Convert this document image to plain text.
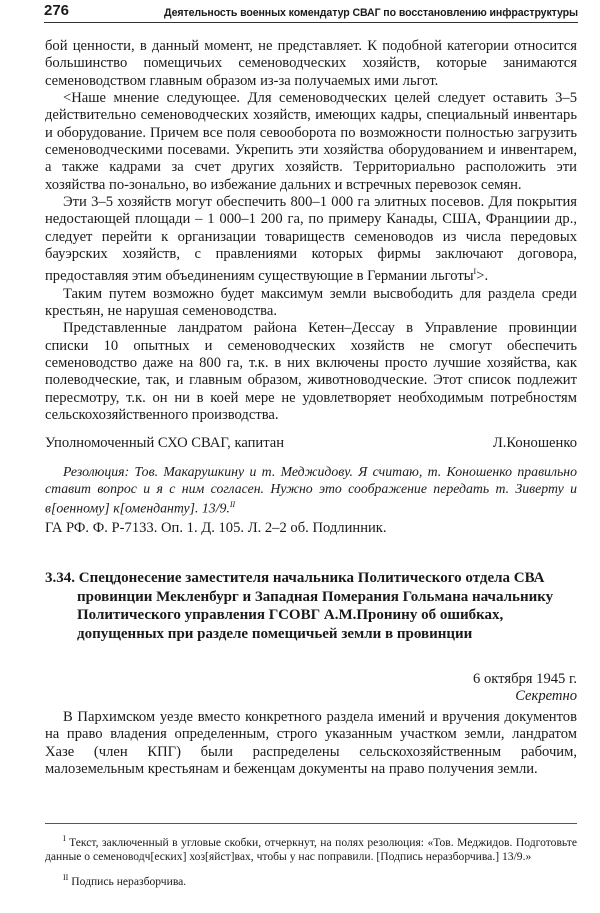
276	Деятельность военных комендатур СВАГ по восстановлению инфраструктуры

бой ценности, в данный момент, не представляет. К подобной категории относится большинство помещичьих семеноводческих хозяйств, которые занимаются семеноводством главным образом из-за получаемых ими льгот.

<Наше мнение следующее. Для семеноводческих целей следует оставить 3–5 действительно семеноводческих хозяйств, имеющих кадры, специальный инвентарь и оборудование. Причем все поля севооборота по возможности полностью загрузить семеноводческими посевами. Укрепить эти хозяйства оборудованием и инвентарем, а также кадрами за счет других хозяйств. Территориально расположить эти хозяйства по-зонально, во избежание дальних и встречных перевозок семян.

Эти 3–5 хозяйств могут обеспечить 800–1 000 га элитных посевов. Для покрытия недостающей площади – 1 000–1 200 га, по примеру Канады, США, Франциии др., следует перейти к организации товариществ семеноводов из числа передовых бауэрских хозяйств, с правлениями которых фирмы заключают договора, предоставляя этим объединениям существующие в Германии льготы$^I$>.

Таким путем возможно будет максимум земли высвободить для раздела среди крестьян, не нарушая семеноводства.

Представленные ландратом района Кетен–Дессау в Управление провинции списки 10 опытных и семеноводческих хозяйств не смогут обеспечить семеноводство даже на 800 га, т.к. в них включены просто лучшие хозяйства, как полеводческие, так, и главным образом, животноводческие. Этот список подлежит пересмотру, т.к. он ни в коей мере не удовлетворяет необходимым потребностям сельскохозяйственного производства.

Уполномоченный СХО СВАГ, капитан	Л.Коношенко

Резолюция: Тов. Макарушкину и т. Меджидову. Я считаю, т. Коношенко правильно ставит вопрос и я с ним согласен. Нужно это соображение передать т. Зиверту и в[оенному] к[оменданту]. 13/9.$^{II}$

ГА РФ. Ф. Р-7133. Оп. 1. Д. 105. Л. 2–2 об. Подлинник.

3.34. Спецдонесение заместителя начальника Политического отдела СВА провинции Мекленбург и Западная Померания Гольмана начальнику Политического управления ГСОВГ А.М.Пронину об ошибках, допущенных при разделе помещичьей земли в провинции

6 октября 1945 г.
Секретно

В Пархимском уезде вместо конкретного раздела имений и вручения документов на право владения определенным, строго указанным участком земли, ландратом Хазе (член КПГ) были распределены сельскохозяйственным рабочим, малоземельным крестьянам и беженцам документы на право получения земли.

$^I$ Текст, заключенный в угловые скобки, отчеркнут, на полях резолюция: «Тов. Меджидов. Подготовьте данные о семеноводч[еских] хоз[яйст]вах, чтобы у нас поправили. [Подпись неразборчива.] 13/9.»

$^{II}$ Подпись неразборчива.
